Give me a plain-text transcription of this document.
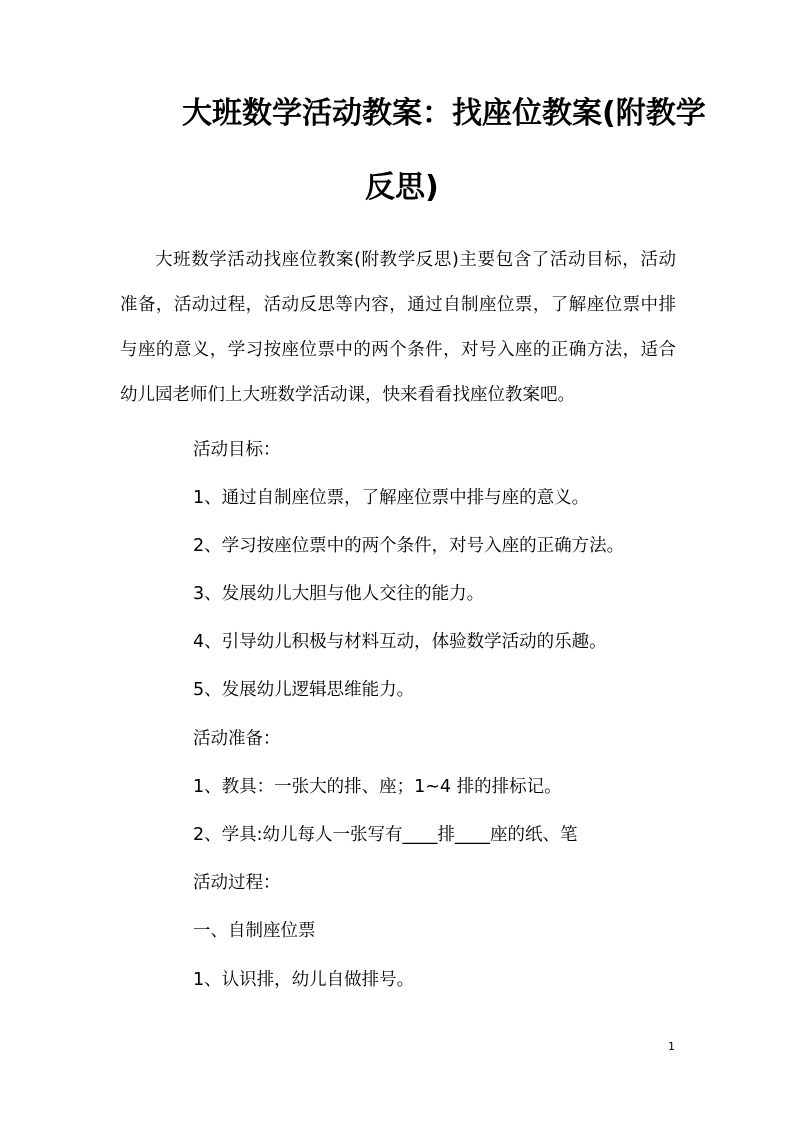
大班数学活动教案：找座位教案(附教学
反思)
大班数学活动找座位教案(附教学反思)主要包含了活动目标，活动准备，活动过程，活动反思等内容，通过自制座位票，了解座位票中排与座的意义，学习按座位票中的两个条件，对号入座的正确方法，适合幼儿园老师们上大班数学活动课，快来看看找座位教案吧。
活动目标：
1、通过自制座位票，了解座位票中排与座的意义。
2、学习按座位票中的两个条件，对号入座的正确方法。
3、发展幼儿大胆与他人交往的能力。
4、引导幼儿积极与材料互动，体验数学活动的乐趣。
5、发展幼儿逻辑思维能力。
活动准备：
1、教具：一张大的排、座；1~4 排的排标记。
2、学具:幼儿每人一张写有____排____座的纸、笔
活动过程：
一、自制座位票
1、认识排，幼儿自做排号。
1
